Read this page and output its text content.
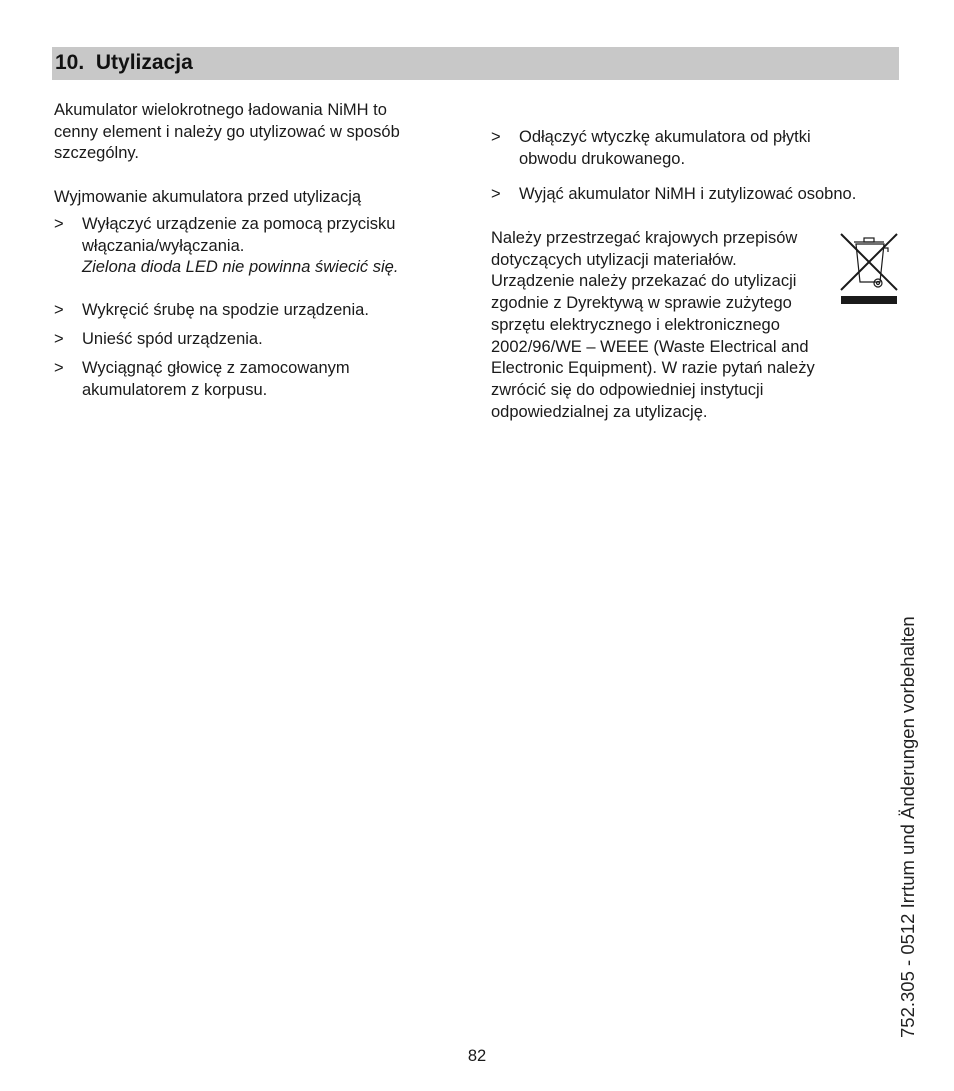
10. Utylizacja
Akumulator wielokrotnego ładowania NiMH to
cenny element i należy go utylizować w sposób
szczególny.
Wyjmowanie akumulatora przed utylizacją
> Wyłączyć urządzenie za pomocą przycisku
włączania/wyłączania.
Zielona dioda LED nie powinna świecić się.
> Wykręcić śrubę na spodzie urządzenia.
> Unieść spód urządzenia.
> Wyciągnąć głowicę z zamocowanym
akumulatorem z korpusu.
> Odłączyć wtyczkę akumulatora od płytki
obwodu drukowanego.
> Wyjąć akumulator NiMH i zutylizować osobno.
Należy przestrzegać krajowych przepisów
dotyczących utylizacji materiałów.
Urządzenie należy przekazać do utylizacji
zgodnie z Dyrektywą w sprawie zużytego
sprzętu elektrycznego i elektronicznego
2002/96/WE – WEEE (Waste Electrical and
Electronic Equipment). W razie pytań należy
zwrócić się do odpowiedniej instytucji
odpowiedzialnej za utylizację.
752.305 - 0512 Irrtum und Änderungen vorbehalten
82
